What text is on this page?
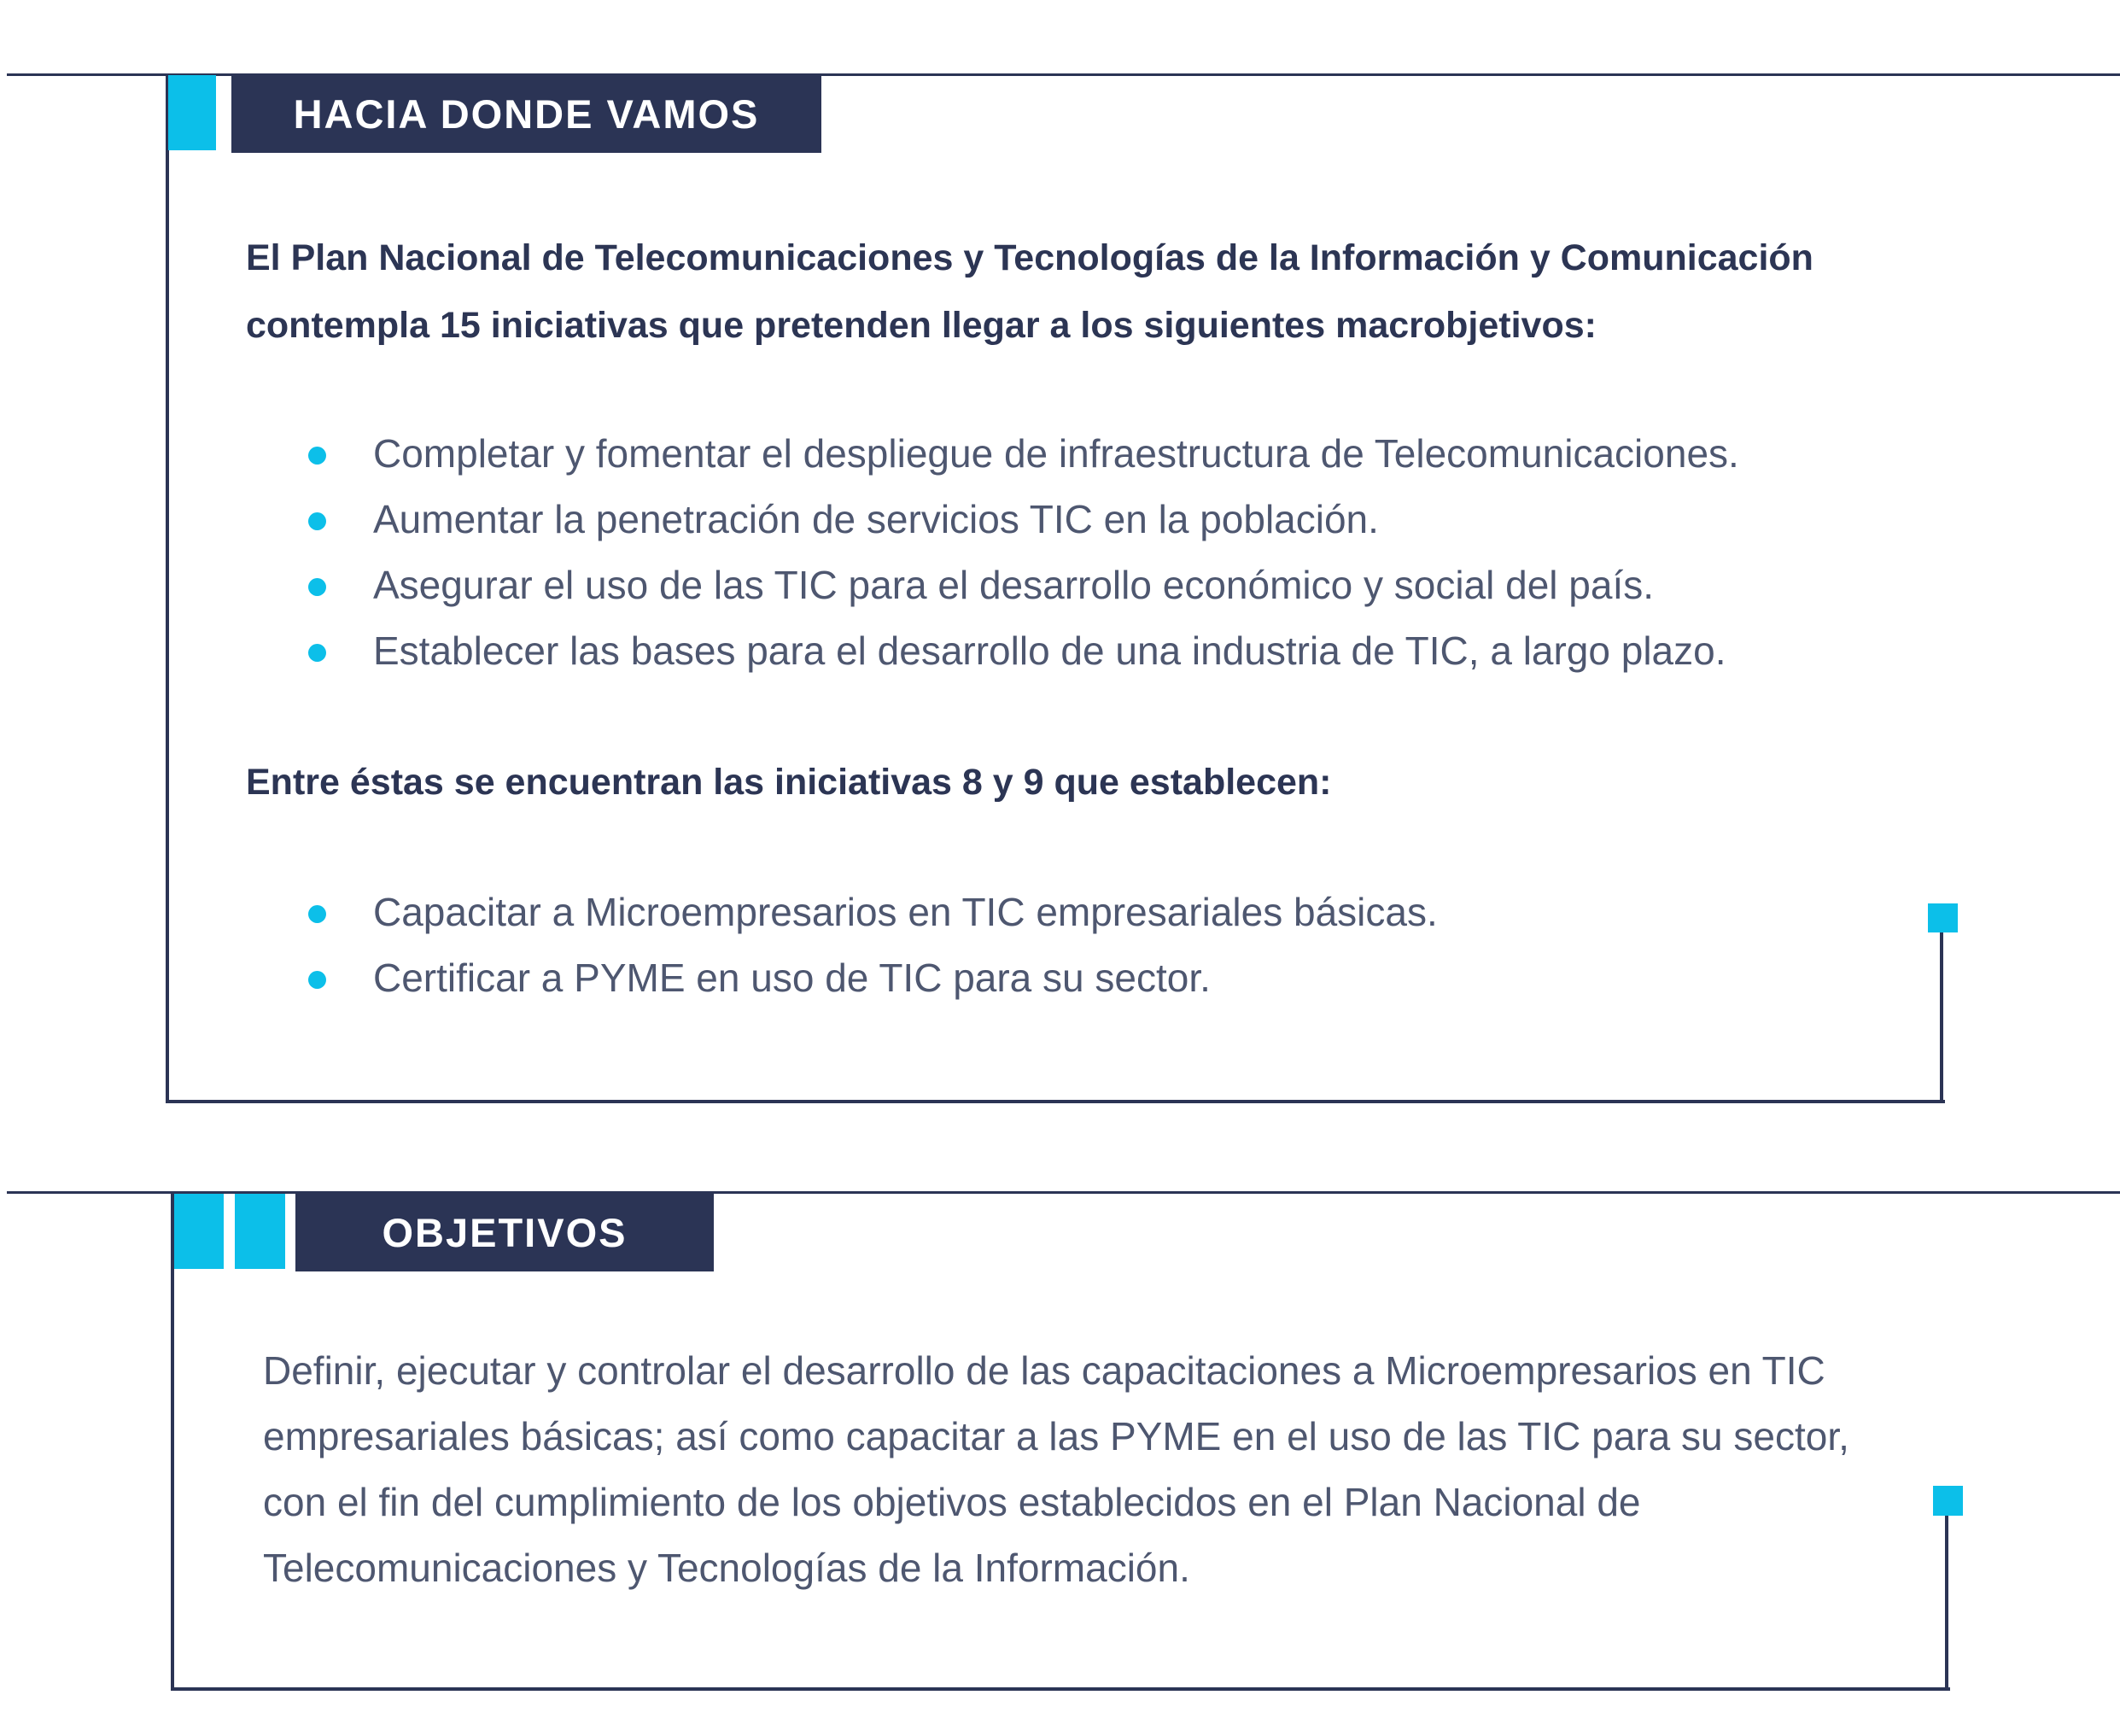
HACIA DONDE VAMOS
El Plan Nacional de Telecomunicaciones y Tecnologías de la Información y Comunicación contempla 15 iniciativas que pretenden llegar a los siguientes macrobjetivos:
Completar y fomentar el despliegue de infraestructura de Telecomunicaciones.
Aumentar la penetración de servicios TIC en la población.
Asegurar el uso de las TIC para el desarrollo económico y social del país.
Establecer las bases para el desarrollo de una industria de TIC, a largo plazo.
Entre éstas se encuentran las iniciativas 8 y 9 que establecen:
Capacitar a Microempresarios en TIC empresariales básicas.
Certificar a PYME en uso de TIC para su sector.
OBJETIVOS
Definir, ejecutar y controlar el desarrollo de las capacitaciones a Microempresarios en TIC empresariales básicas; así como capacitar a las PYME en el uso de las TIC para su sector, con el fin del cumplimiento de los objetivos establecidos en el Plan Nacional de Telecomunicaciones y Tecnologías de la Información.
